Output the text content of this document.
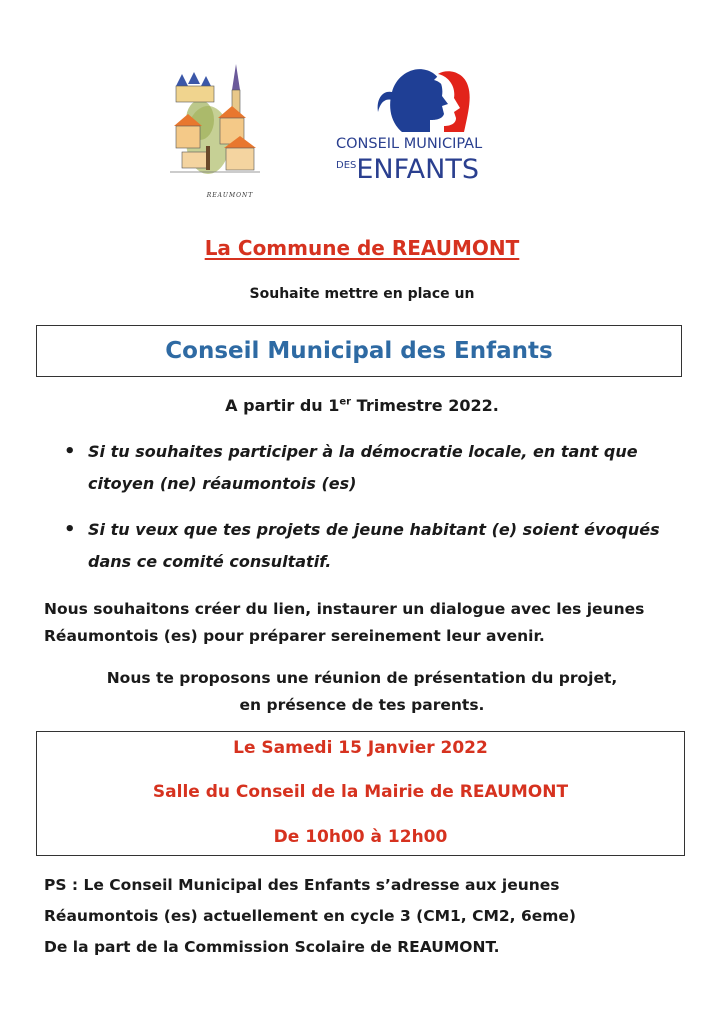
REAUMONT
CONSEIL MUNICIPAL
$^{DES}$ENFANTS
La Commune de REAUMONT
Souhaite mettre en place un
Conseil Municipal des Enfants
A partir du 1er Trimestre 2022.
• Si tu souhaites participer à la démocratie locale, en tant que citoyen (ne) réaumontois (es)
• Si tu veux que tes projets de jeune habitant (e) soient évoqués dans ce comité consultatif.
Nous souhaitons créer du lien, instaurer un dialogue avec les jeunes Réaumontois (es) pour préparer sereinement leur avenir.
Nous te proposons une réunion de présentation du projet,
en présence de tes parents.
Le Samedi 15 Janvier 2022
Salle du Conseil de la Mairie de REAUMONT
De 10h00 à 12h00
PS : Le Conseil Municipal des Enfants s’adresse aux jeunes
Réaumontois (es) actuellement en cycle 3 (CM1, CM2, 6eme)
De la part de la Commission Scolaire de REAUMONT.
